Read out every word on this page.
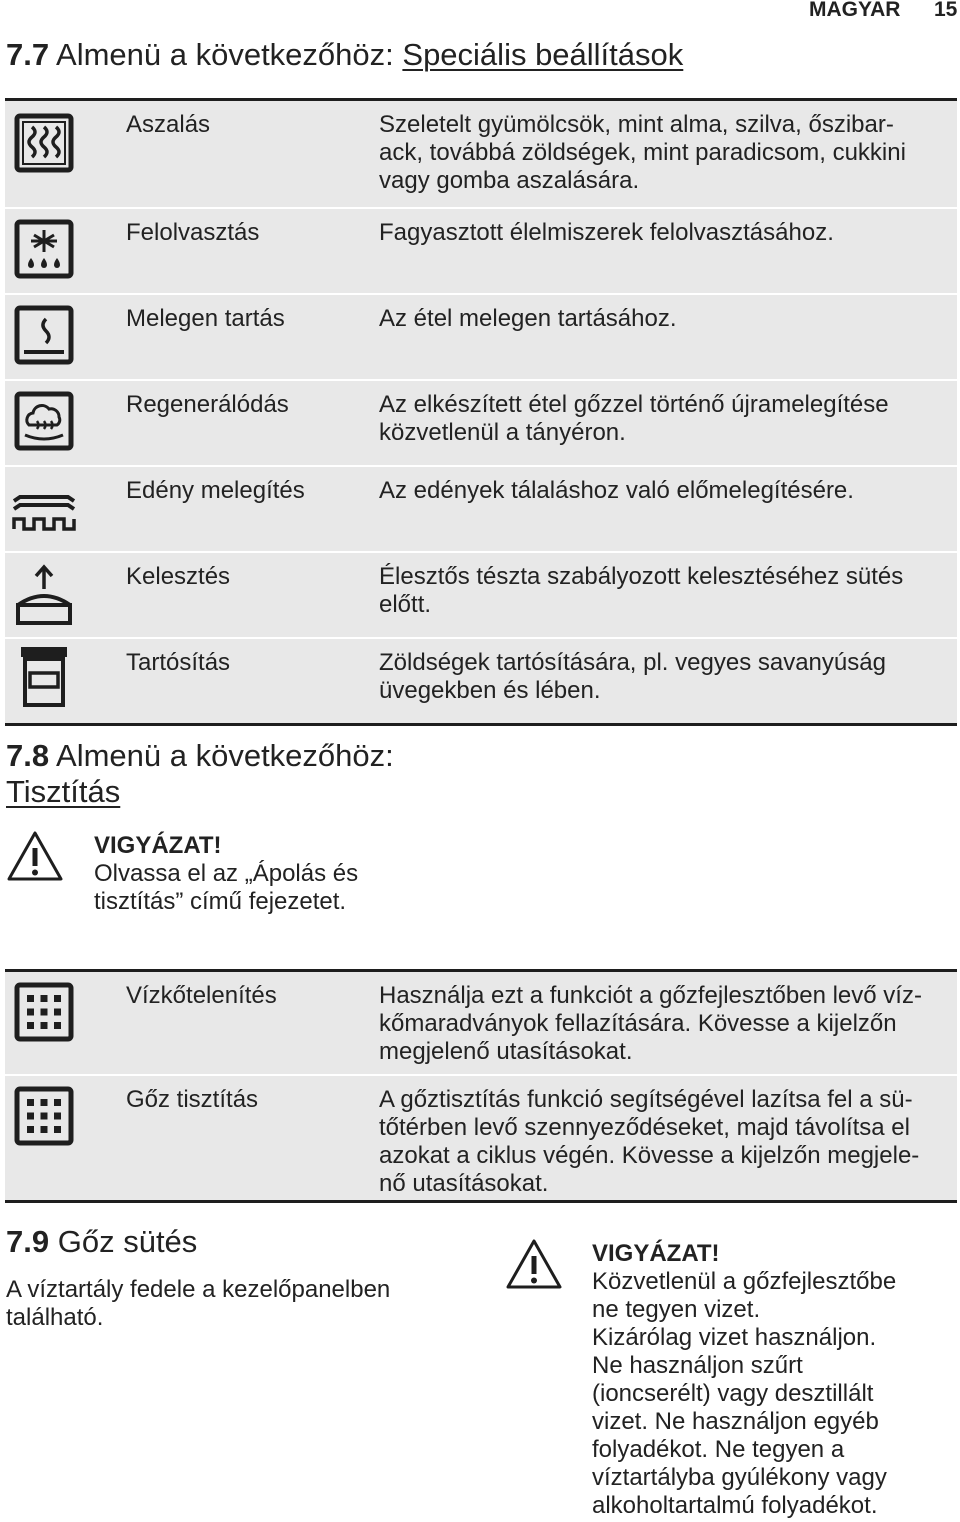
MAGYAR 15
7.7 Almenü a következőhöz: Speciális beállítások
Aszalás	Szeletelt gyümölcsök, mint alma, szilva, őszibar-
ack, továbbá zöldségek, mint paradicsom, cukkini
vagy gomba aszalására.
Felolvasztás	Fagyasztott élelmiszerek felolvasztásához.
Melegen tartás	Az étel melegen tartásához.
Regenerálódás	Az elkészített étel gőzzel történő újramelegítése
közvetlenül a tányéron.
Edény melegítés	Az edények tálaláshoz való előmelegítésére.
Kelesztés	Élesztős tészta szabályozott kelesztéséhez sütés
előtt.
Tartósítás	Zöldségek tartósítására, pl. vegyes savanyúság
üvegekben és lében.
7.8 Almenü a következőhöz:
Tisztítás
VIGYÁZAT!
Olvassa el az „Ápolás és
tisztítás” című fejezetet.
Vízkőtelenítés	Használja ezt a funkciót a gőzfejlesztőben levő víz-
kőmaradványok fellazítására. Kövesse a kijelzőn
megjelenő utasításokat.
Gőz tisztítás	A gőztisztítás funkció segítségével lazítsa fel a sü-
tőtérben levő szennyeződéseket, majd távolítsa el
azokat a ciklus végén. Kövesse a kijelzőn megjele-
nő utasításokat.
7.9 Gőz sütés
A víztartály fedele a kezelőpanelben
található.
VIGYÁZAT!
Közvetlenül a gőzfejlesztőbe
ne tegyen vizet.
Kizárólag vizet használjon.
Ne használjon szűrt
(ioncserélt) vagy desztillált
vizet. Ne használjon egyéb
folyadékot. Ne tegyen a
víztartályba gyúlékony vagy
alkoholtartalmú folyadékot.
